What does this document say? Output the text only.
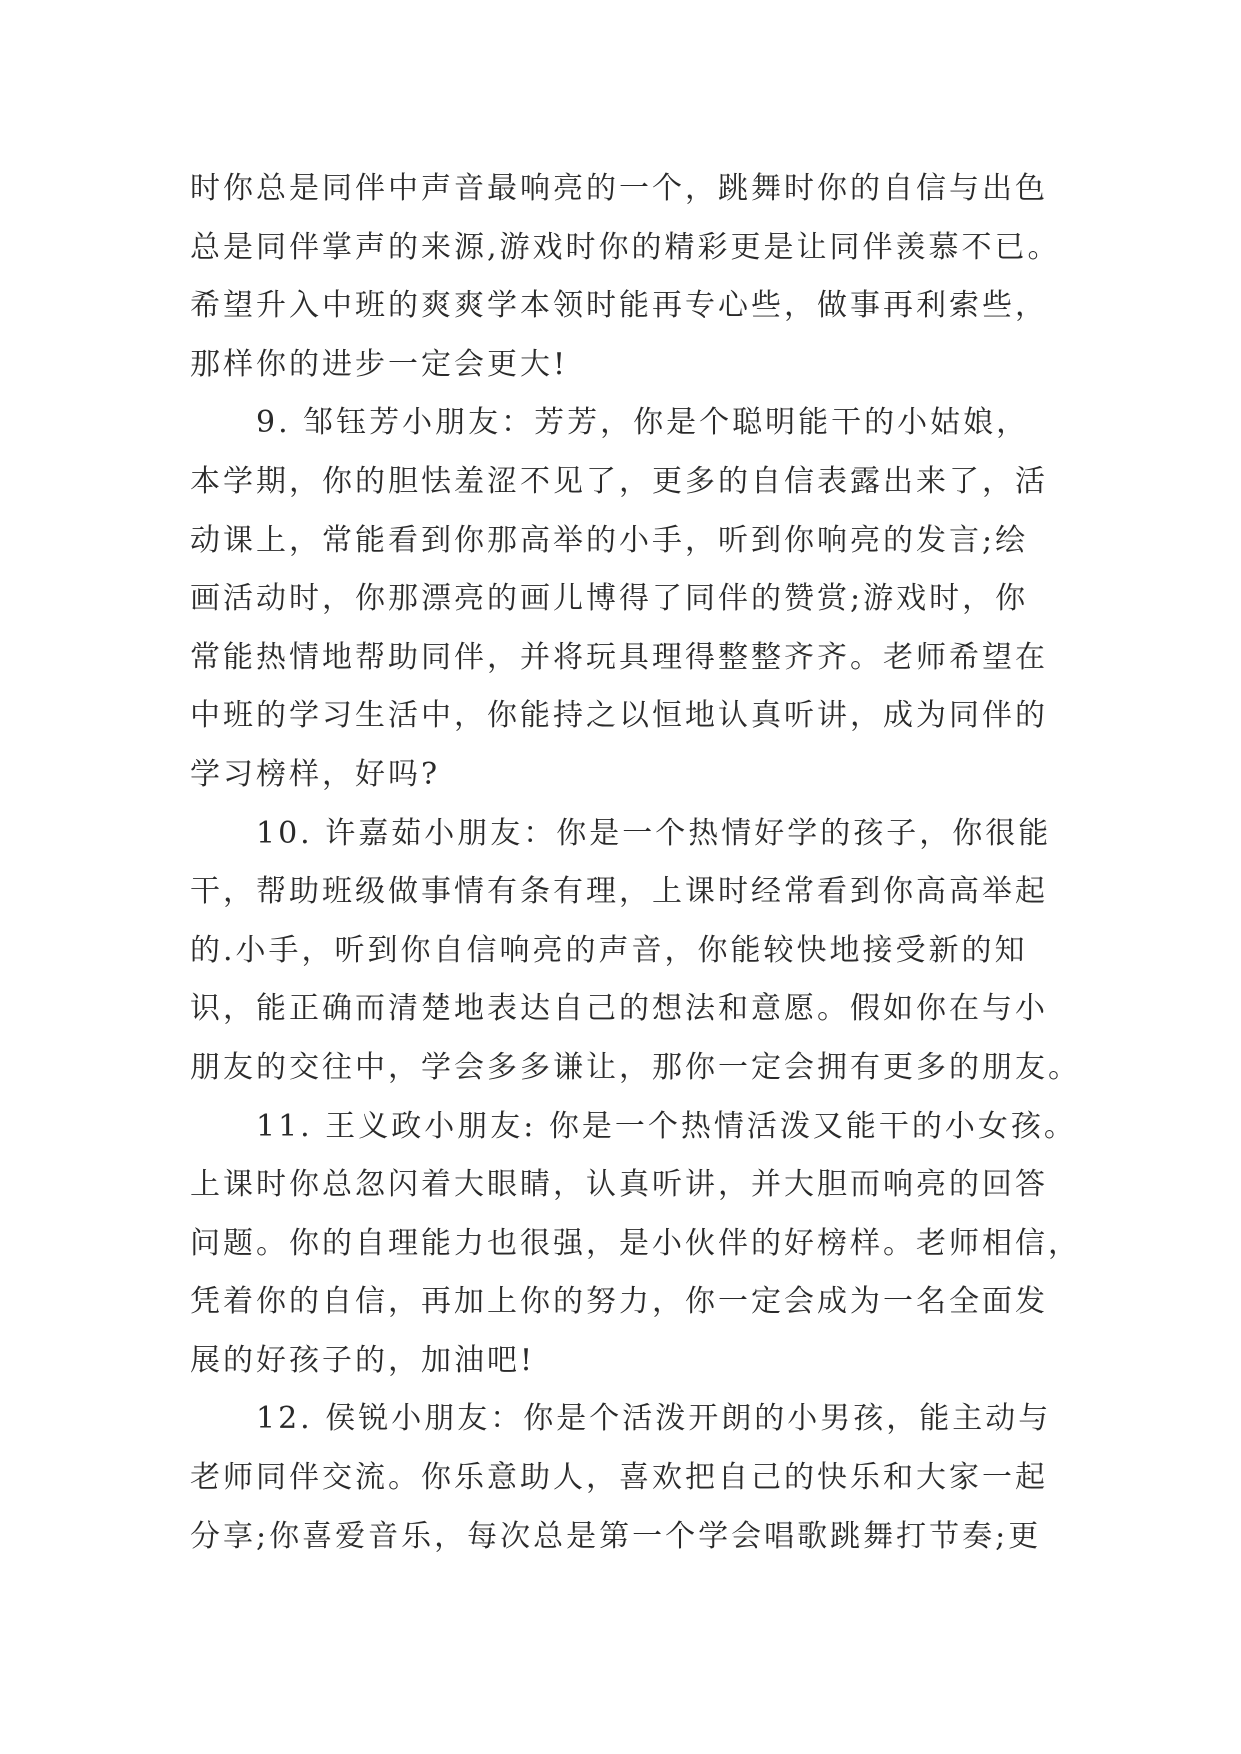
时你总是同伴中声音最响亮的一个，跳舞时你的自信与出色
总是同伴掌声的来源,游戏时你的精彩更是让同伴羡慕不已。
希望升入中班的爽爽学本领时能再专心些，做事再利索些，
那样你的进步一定会更大!
　　9. 邹钰芳小朋友：芳芳，你是个聪明能干的小姑娘，
本学期，你的胆怯羞涩不见了，更多的自信表露出来了，活
动课上，常能看到你那高举的小手，听到你响亮的发言;绘
画活动时，你那漂亮的画儿博得了同伴的赞赏;游戏时，你
常能热情地帮助同伴，并将玩具理得整整齐齐。老师希望在
中班的学习生活中，你能持之以恒地认真听讲，成为同伴的
学习榜样，好吗?
　　10. 许嘉茹小朋友：你是一个热情好学的孩子，你很能
干，帮助班级做事情有条有理，上课时经常看到你高高举起
的.小手，听到你自信响亮的声音，你能较快地接受新的知
识，能正确而清楚地表达自己的想法和意愿。假如你在与小
朋友的交往中，学会多多谦让，那你一定会拥有更多的朋友。
　　11. 王义政小朋友: 你是一个热情活泼又能干的小女孩。
上课时你总忽闪着大眼睛，认真听讲，并大胆而响亮的回答
问题。你的自理能力也很强，是小伙伴的好榜样。老师相信，
凭着你的自信，再加上你的努力，你一定会成为一名全面发
展的好孩子的，加油吧!
　　12. 侯锐小朋友：你是个活泼开朗的小男孩，能主动与
老师同伴交流。你乐意助人，喜欢把自己的快乐和大家一起
分享;你喜爱音乐，每次总是第一个学会唱歌跳舞打节奏;更
